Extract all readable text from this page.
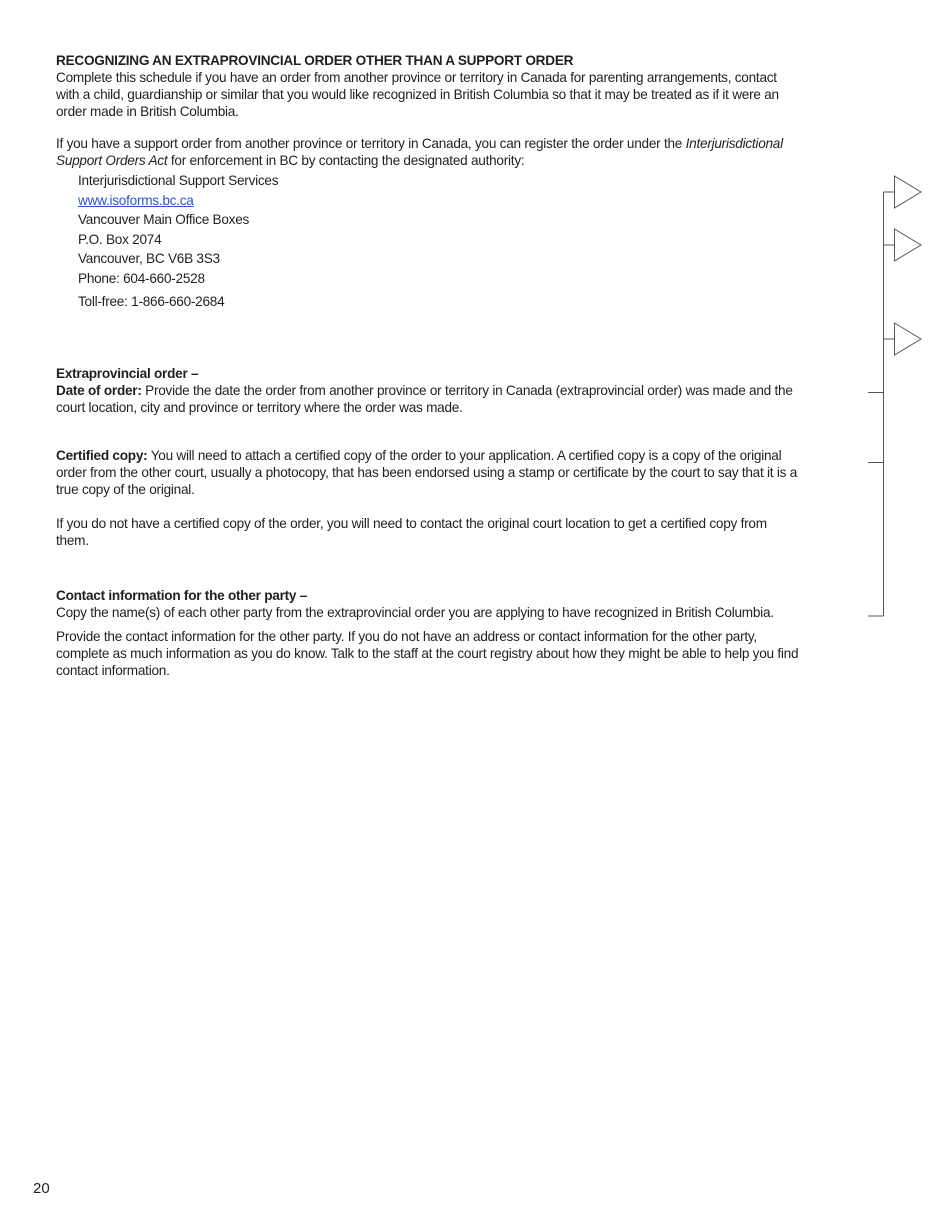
RECOGNIZING AN EXTRAPROVINCIAL ORDER OTHER THAN A SUPPORT ORDER
Complete this schedule if you have an order from another province or territory in Canada for parenting arrangements, contact
with a child, guardianship or similar that you would like recognized in British Columbia so that it may be treated as if it were an
order made in British Columbia.
If you have a support order from another province or territory in Canada, you can register the order under the Interjurisdictional
Support Orders Act for enforcement in BC by contacting the designated authority:
Interjurisdictional Support Services
www.isoforms.bc.ca
Vancouver Main Office Boxes
P.O. Box 2074
Vancouver, BC V6B 3S3
Phone: 604-660-2528
Toll-free: 1-866-660-2684
Extraprovincial order –
Date of order: Provide the date the order from another province or territory in Canada (extraprovincial order) was made and the
court location, city and province or territory where the order was made.
Certified copy: You will need to attach a certified copy of the order to your application. A certified copy is a copy of the original
order from the other court, usually a photocopy, that has been endorsed using a stamp or certificate by the court to say that it is a
true copy of the original.
If you do not have a certified copy of the order, you will need to contact the original court location to get a certified copy from
them.
Contact information for the other party –
Copy the name(s) of each other party from the extraprovincial order you are applying to have recognized in British Columbia.
Provide the contact information for the other party. If you do not have an address or contact information for the other party,
complete as much information as you do know. Talk to the staff at the court registry about how they might be able to help you find
contact information.
20
